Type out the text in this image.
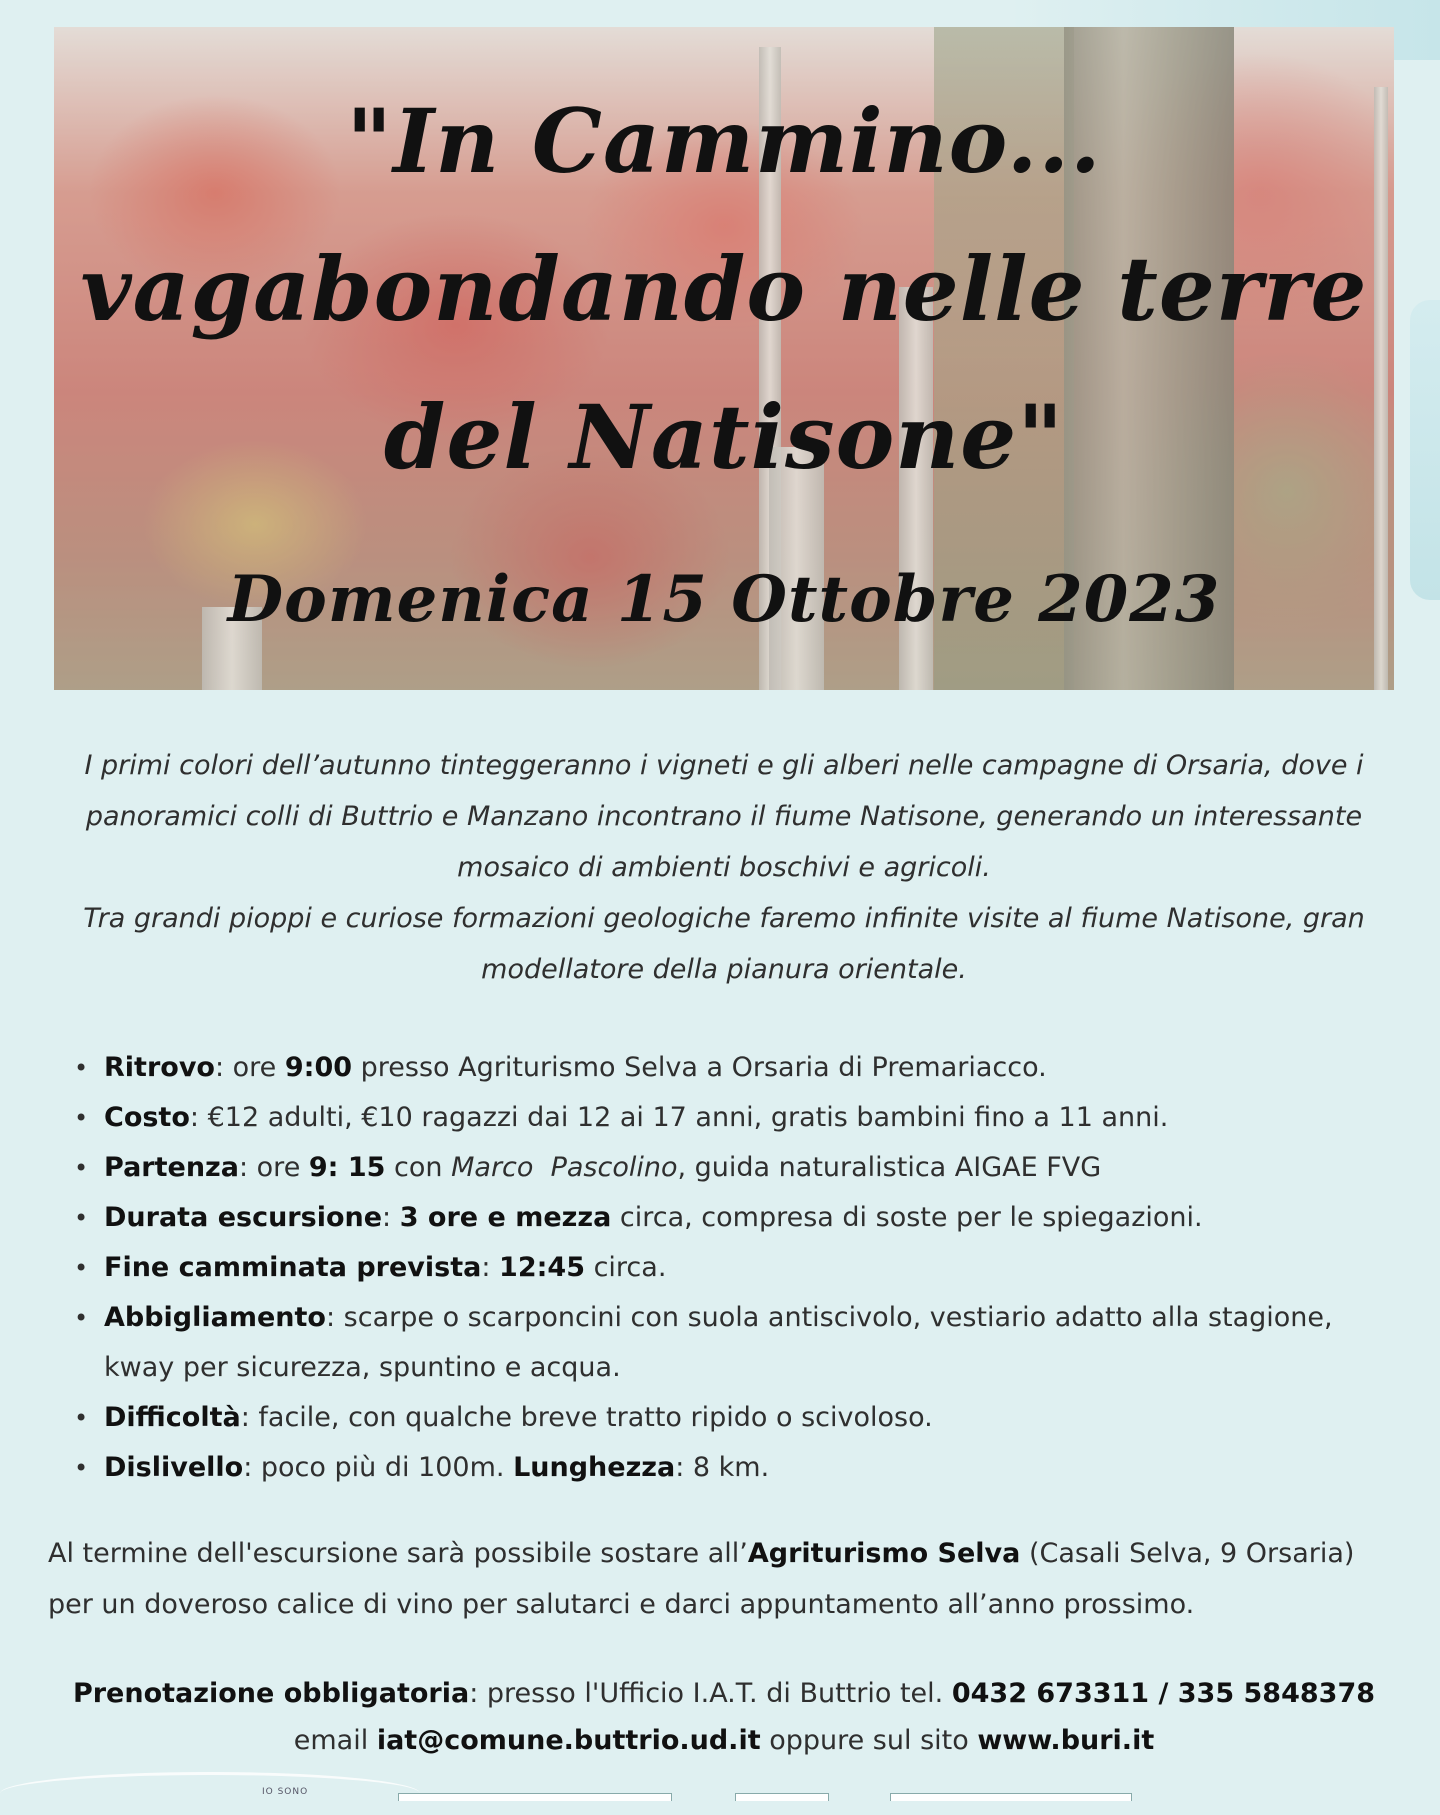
"In Cammino...
vagabondando nelle terre
del Natisone"
Domenica 15 Ottobre 2023

I primi colori dell’autunno tinteggeranno i vigneti e gli alberi nelle campagne di Orsaria, dove i panoramici colli di Buttrio e Manzano incontrano il fiume Natisone, generando un interessante mosaico di ambienti boschivi e agricoli.

Tra grandi pioppi e curiose formazioni geologiche faremo infinite visite al fiume Natisone, gran modellatore della pianura orientale.

• Ritrovo: ore 9:00 presso Agriturismo Selva a Orsaria di Premariacco.
• Costo: €12 adulti, €10 ragazzi dai 12 ai 17 anni, gratis bambini fino a 11 anni.
• Partenza: ore 9: 15 con Marco  Pascolino, guida naturalistica AIGAE FVG
• Durata escursione: 3 ore e mezza circa, compresa di soste per le spiegazioni.
• Fine camminata prevista: 12:45 circa.
• Abbigliamento: scarpe o scarponcini con suola antiscivolo, vestiario adatto alla stagione, kway per sicurezza, spuntino e acqua.
• Difficoltà: facile, con qualche breve tratto ripido o scivoloso.
• Dislivello: poco più di 100m. Lunghezza: 8 km.

Al termine dell'escursione sarà possibile sostare all’Agriturismo Selva (Casali Selva, 9 Orsaria) per un doveroso calice di vino per salutarci e darci appuntamento all’anno prossimo.

Prenotazione obbligatoria: presso l'Ufficio I.A.T. di Buttrio tel. 0432 673311 / 335 5848378
email iat@comune.buttrio.ud.it oppure sul sito www.buri.it
IO SONO
